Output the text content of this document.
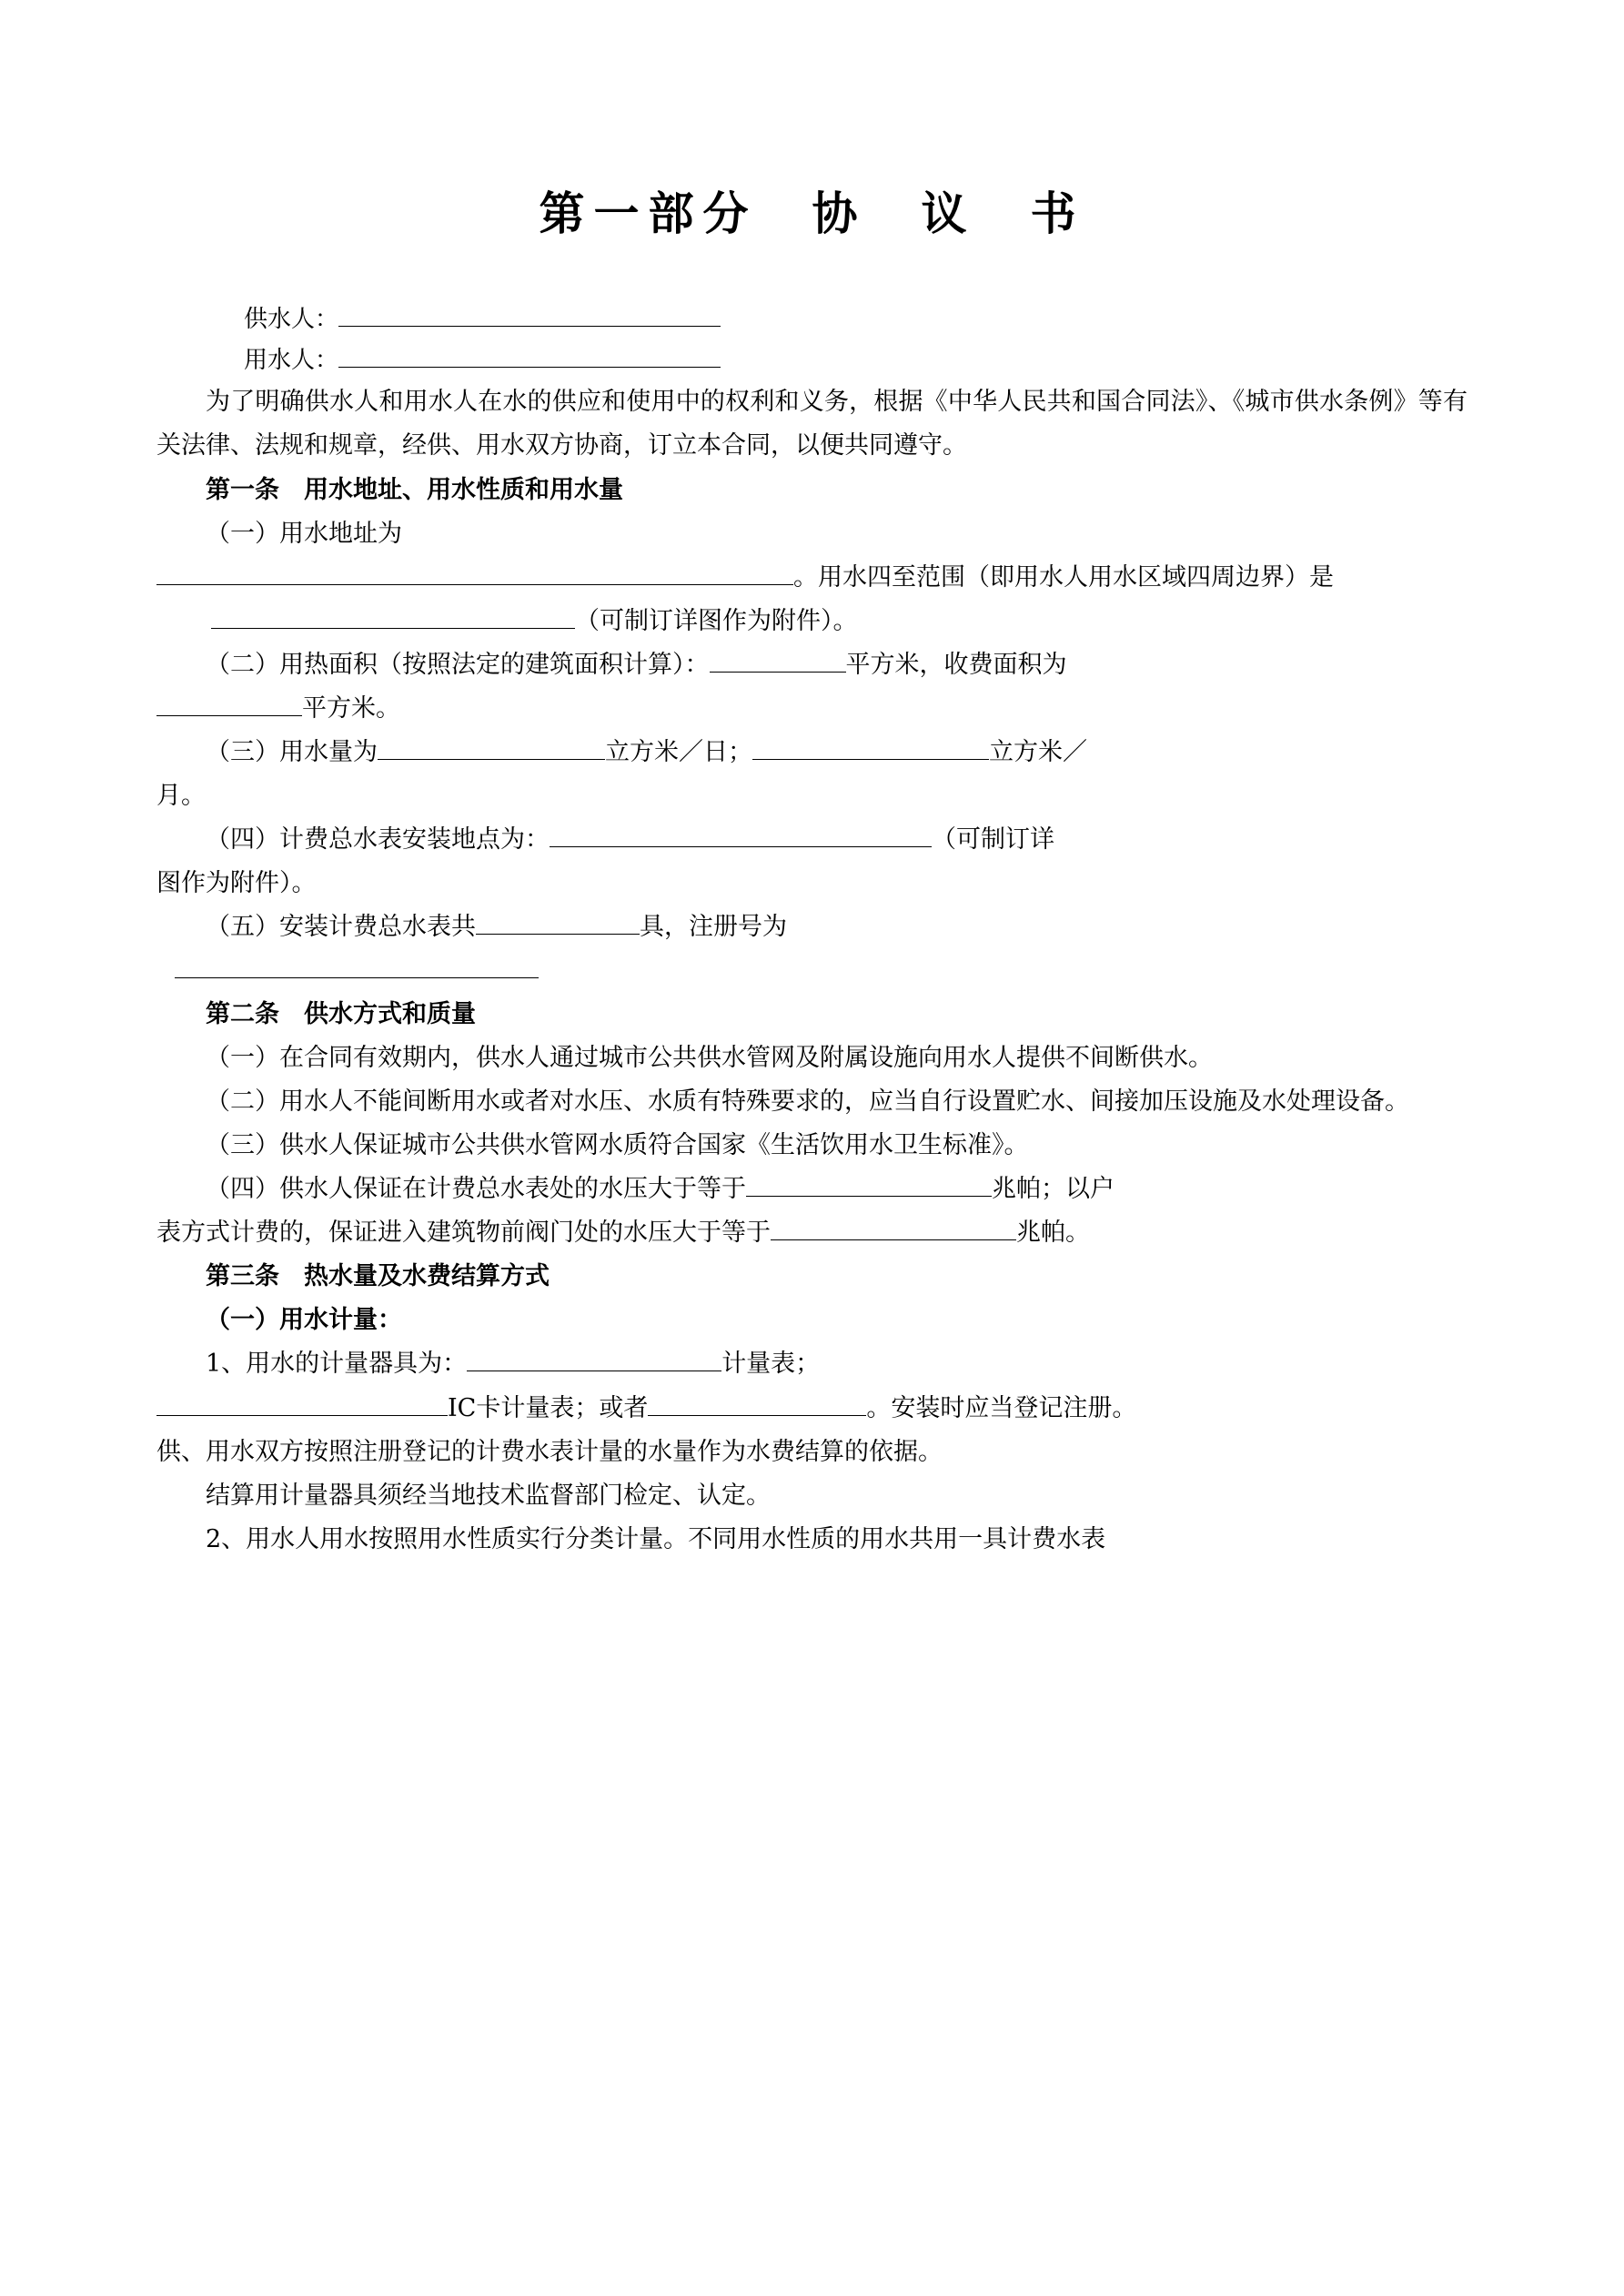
第一部分　协　议　书
供水人：
用水人：

为了明确供水人和用水人在水的供应和使用中的权利和义务，根据《中华人民共和国合同法》、《城市供水条例》等有关法律、法规和规章，经供、用水双方协商，订立本合同，以便共同遵守。

第一条　用水地址、用水性质和用水量

（一）用水地址为

。用水四至范围（即用水人用水区域四周边界）是

（可制订详图作为附件）。

（二）用热面积（按照法定的建筑面积计算）：	平方米，收费面积为

平方米。

（三）用水量为	立方米／日；	立方米／

月。

（四）计费总水表安装地点为：	（可制订详

图作为附件）。

（五）安装计费总水表共	具，注册号为

第二条　供水方式和质量

（一）在合同有效期内，供水人通过城市公共供水管网及附属设施向用水人提供不间断供水。

（二）用水人不能间断用水或者对水压、水质有特殊要求的，应当自行设置贮水、间接加压设施及水处理设备。

（三）供水人保证城市公共供水管网水质符合国家《生活饮用水卫生标准》。

（四）供水人保证在计费总水表处的水压大于等于	兆帕；以户

表方式计费的，保证进入建筑物前阀门处的水压大于等于	兆帕。

第三条　热水量及水费结算方式

（一）用水计量：

1、用水的计量器具为：	计量表；

IC卡计量表；或者	。安装时应当登记注册。

供、用水双方按照注册登记的计费水表计量的水量作为水费结算的依据。

结算用计量器具须经当地技术监督部门检定、认定。

2、用水人用水按照用水性质实行分类计量。不同用水性质的用水共用一具计费水表
